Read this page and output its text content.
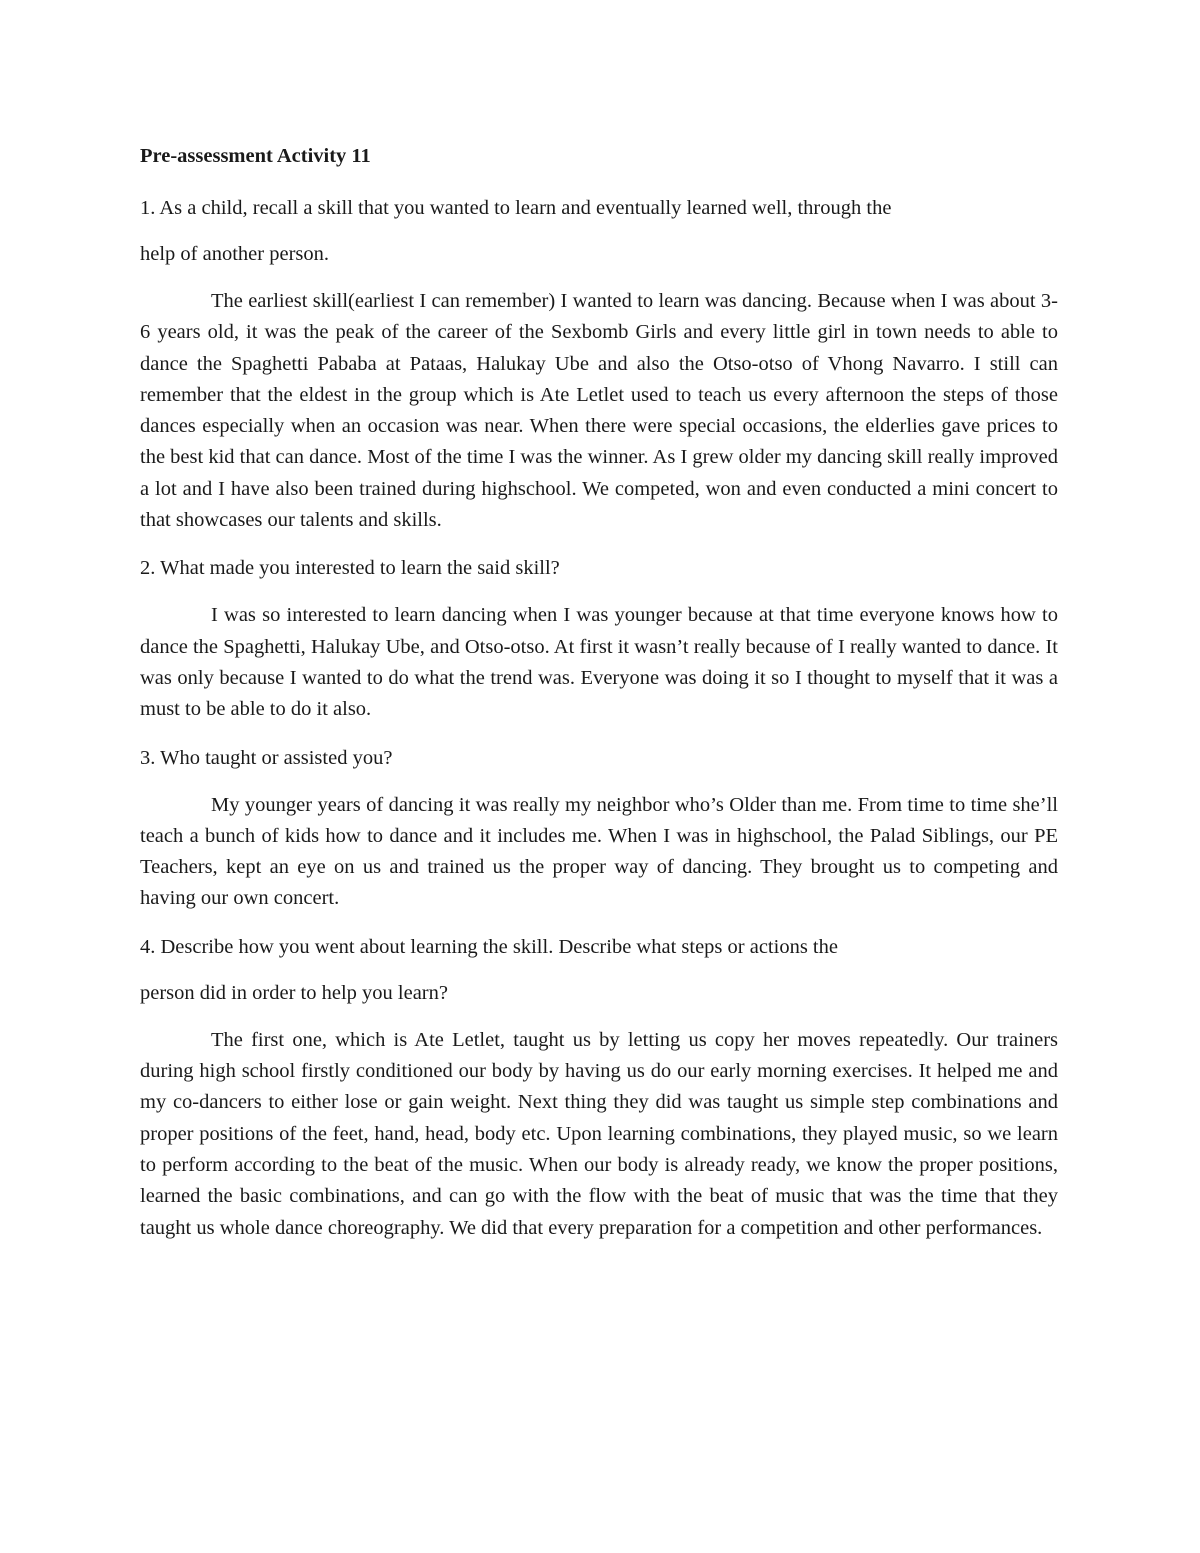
Pre-assessment Activity 11
1. As a child, recall a skill that you wanted to learn and eventually learned well, through the
help of another person.

The earliest skill(earliest I can remember) I wanted to learn was dancing. Because when I was about 3-6 years old, it was the peak of the career of the Sexbomb Girls and every little girl in town needs to able to dance the Spaghetti Pababa at Pataas, Halukay Ube and also the Otso-otso of Vhong Navarro. I still can remember that the eldest in the group which is Ate Letlet used to teach us every afternoon the steps of those dances especially when an occasion was near. When there were special occasions, the elderlies gave prices to the best kid that can dance. Most of the time I was the winner. As I grew older my dancing skill really improved a lot and I have also been trained during highschool. We competed, won and even conducted a mini concert to that showcases our talents and skills.

2. What made you interested to learn the said skill?

I was so interested to learn dancing when I was younger because at that time everyone knows how to dance the Spaghetti, Halukay Ube, and Otso-otso. At first it wasn’t really because of I really wanted to dance. It was only because I wanted to do what the trend was. Everyone was doing it so I thought to myself that it was a must to be able to do it also.

3. Who taught or assisted you?

My younger years of dancing it was really my neighbor who’s Older than me. From time to time she’ll teach a bunch of kids how to dance and it includes me. When I was in highschool, the Palad Siblings, our PE Teachers, kept an eye on us and trained us the proper way of dancing. They brought us to competing and having our own concert.

4. Describe how you went about learning the skill. Describe what steps or actions the
person did in order to help you learn?

The first one, which is Ate Letlet, taught us by letting us copy her moves repeatedly. Our trainers during high school firstly conditioned our body by having us do our early morning exercises. It helped me and my co-dancers to either lose or gain weight. Next thing they did was taught us simple step combinations and proper positions of the feet, hand, head, body etc. Upon learning combinations, they played music, so we learn to perform according to the beat of the music. When our body is already ready, we know the proper positions, learned the basic combinations, and can go with the flow with the beat of music that was the time that they taught us whole dance choreography. We did that every preparation for a competition and other performances.
